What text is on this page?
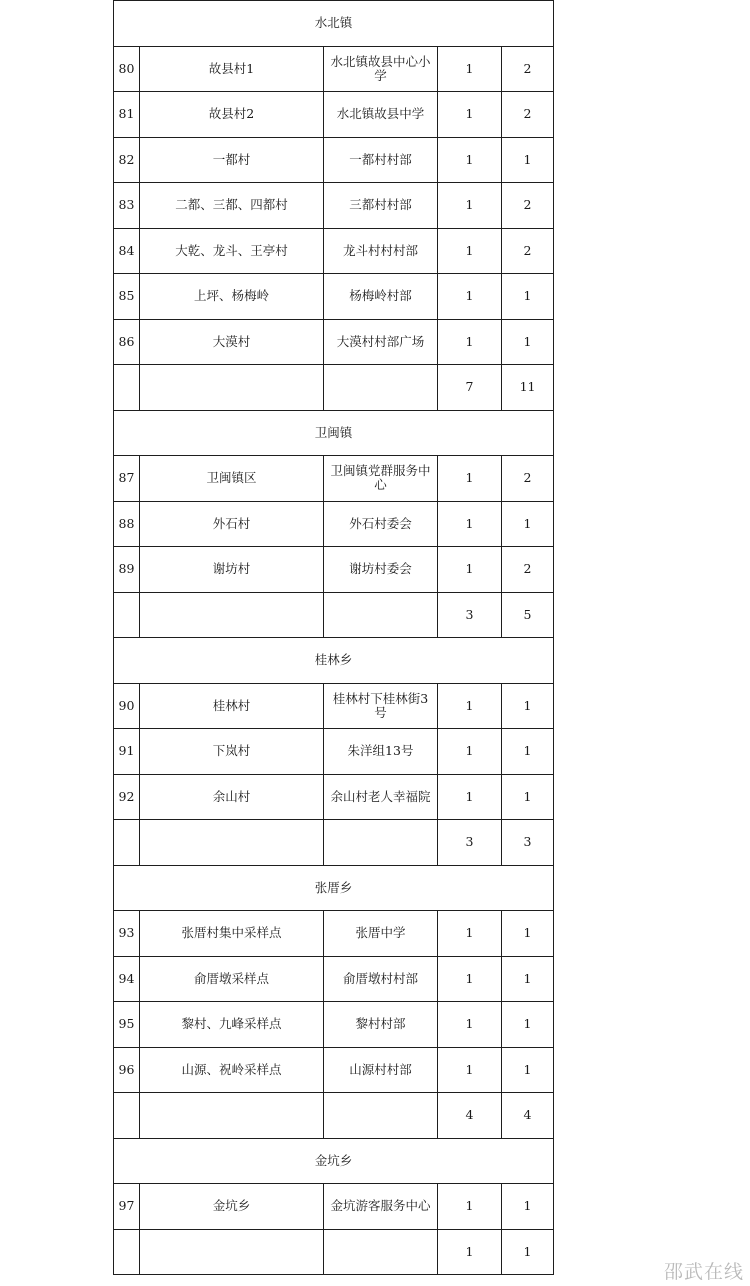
水北镇				
80	故县村1	水北镇故县中心小学	1	2
81	故县村2	水北镇故县中学	1	2
82	一都村	一都村村部	1	1
83	二都、三都、四都村	三都村村部	1	2
84	大乾、龙斗、王亭村	龙斗村村村部	1	2
85	上坪、杨梅岭	杨梅岭村部	1	1
86	大漠村	大漠村村部广场	1	1
			7	11
卫闽镇				
87	卫闽镇区	卫闽镇党群服务中心	1	2
88	外石村	外石村委会	1	1
89	谢坊村	谢坊村委会	1	2
			3	5
桂林乡				
90	桂林村	桂林村下桂林街3号	1	1
91	下岚村	朱洋组13号	1	1
92	余山村	余山村老人幸福院	1	1
			3	3
张厝乡				
93	张厝村集中采样点	张厝中学	1	1
94	俞厝墩采样点	俞厝墩村村部	1	1
95	黎村、九峰采样点	黎村村部	1	1
96	山源、祝岭采样点	山源村村部	1	1
			4	4
金坑乡				
97	金坑乡	金坑游客服务中心	1	1
			1	1
邵武在线
